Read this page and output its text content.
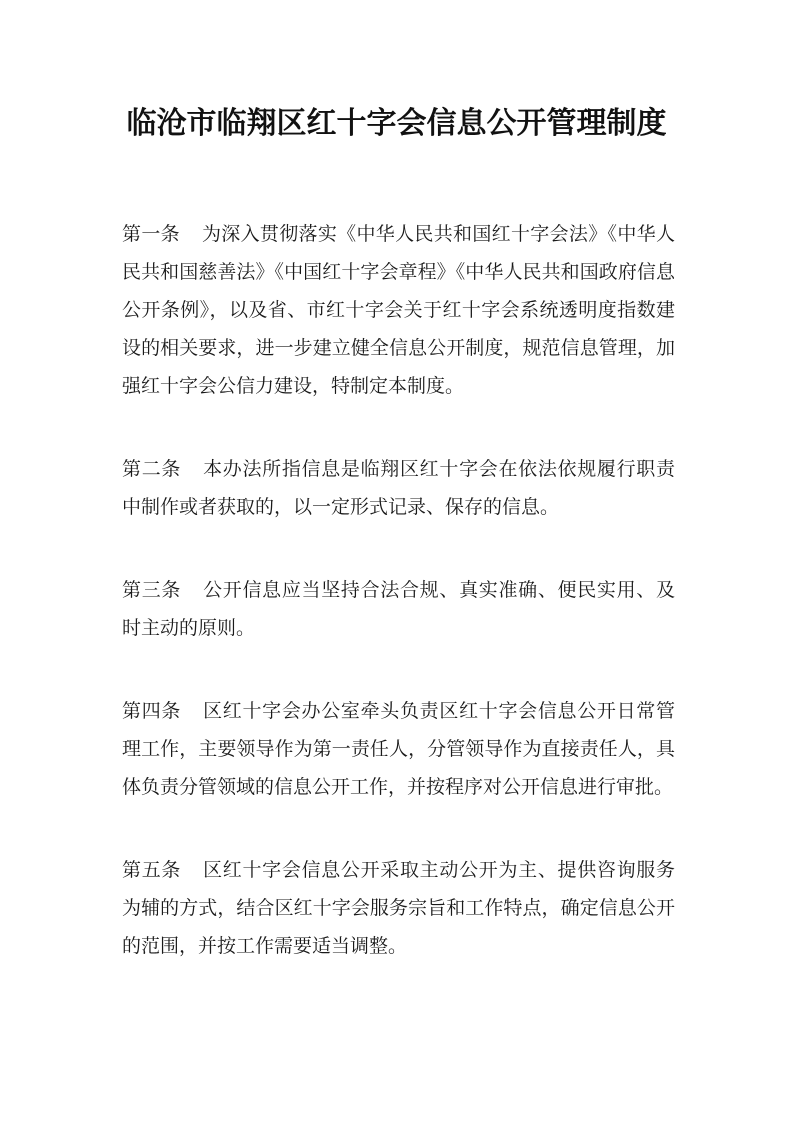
临沧市临翔区红十字会信息公开管理制度

第一条 为深入贯彻落实《中华人民共和国红十字会法》《中华人民共和国慈善法》《中国红十字会章程》《中华人民共和国政府信息公开条例》，以及省、市红十字会关于红十字会系统透明度指数建设的相关要求，进一步建立健全信息公开制度，规范信息管理，加强红十字会公信力建设，特制定本制度。

第二条 本办法所指信息是临翔区红十字会在依法依规履行职责中制作或者获取的，以一定形式记录、保存的信息。

第三条 公开信息应当坚持合法合规、真实准确、便民实用、及时主动的原则。

第四条 区红十字会办公室牵头负责区红十字会信息公开日常管理工作，主要领导作为第一责任人，分管领导作为直接责任人，具体负责分管领域的信息公开工作，并按程序对公开信息进行审批。

第五条 区红十字会信息公开采取主动公开为主、提供咨询服务为辅的方式，结合区红十字会服务宗旨和工作特点，确定信息公开的范围，并按工作需要适当调整。
